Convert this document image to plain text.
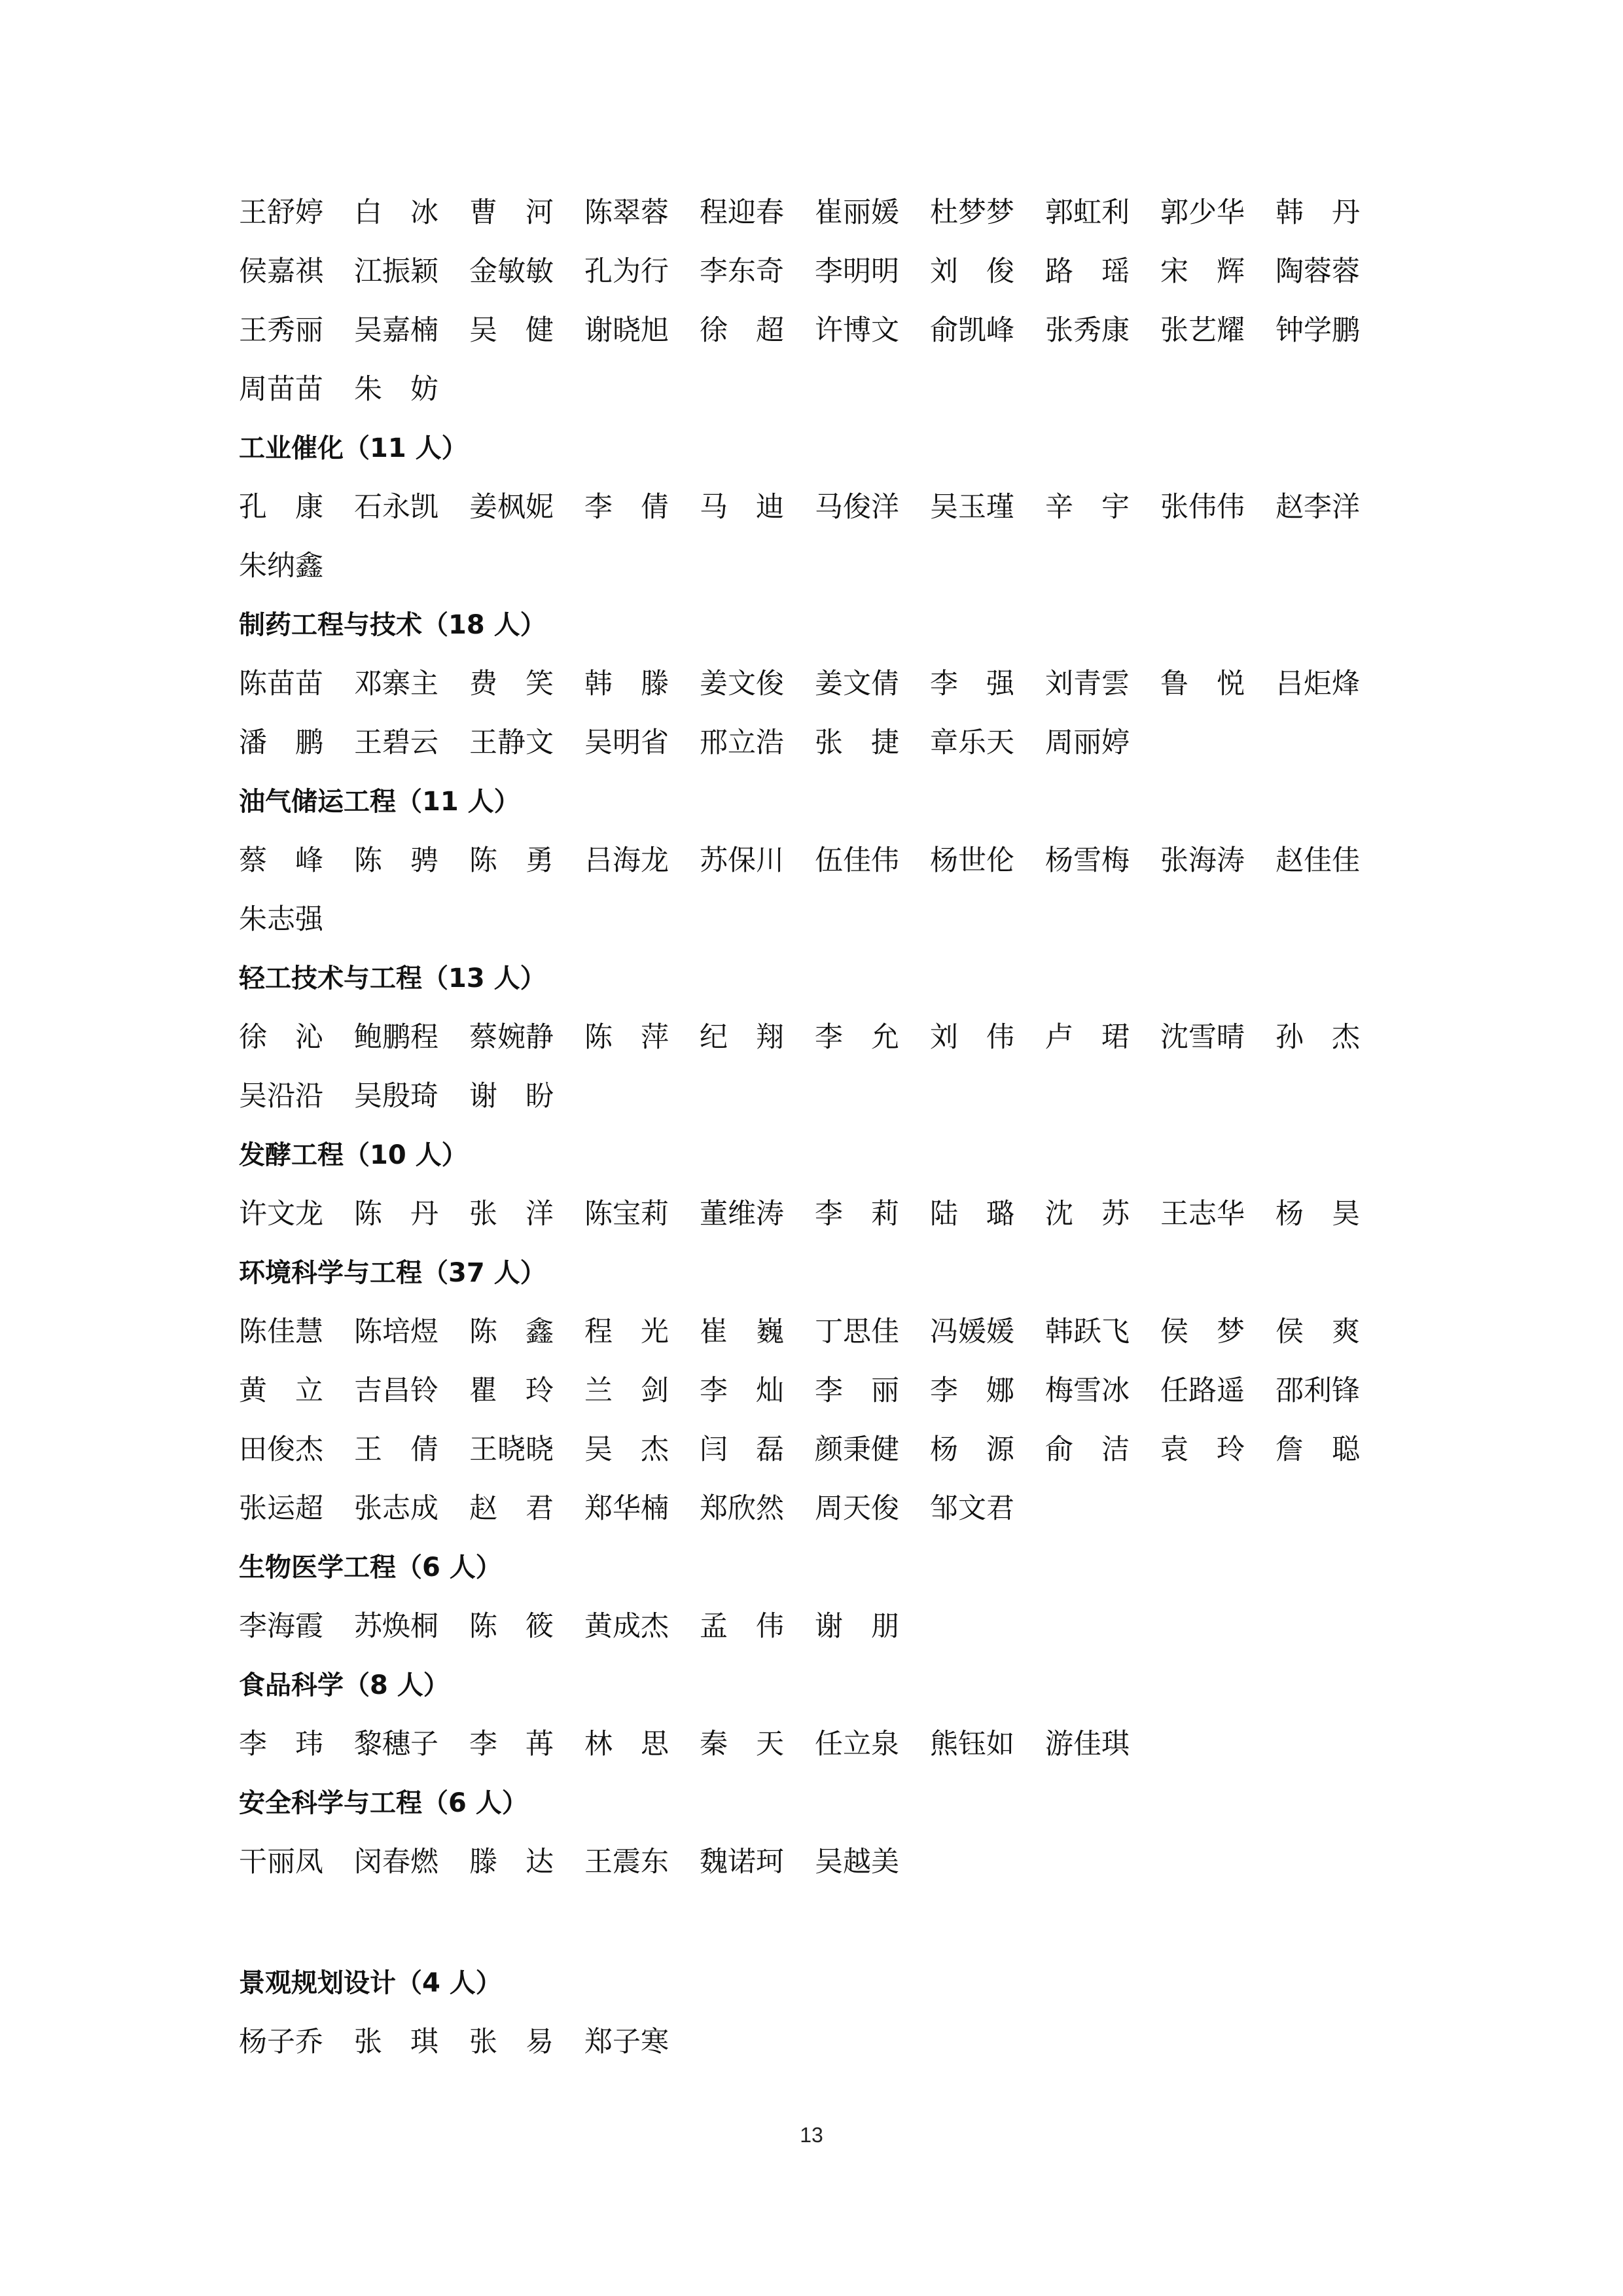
王舒婷	白　冰	曹　河	陈翠蓉	程迎春	崔丽媛	杜梦梦	郭虹利	郭少华	韩　丹
侯嘉祺	江振颖	金敏敏	孔为行	李东奇	李明明	刘　俊	路　瑶	宋　辉	陶蓉蓉
王秀丽	吴嘉楠	吴　健	谢晓旭	徐　超	许博文	俞凯峰	张秀康	张艺耀	钟学鹏
周苗苗	朱　妨
工业催化（11 人）
孔　康	石永凯	姜枫妮	李　倩	马　迪	马俊洋	吴玉瑾	辛　宇	张伟伟	赵李洋
朱纳鑫
制药工程与技术（18 人）
陈苗苗	邓寨主	费　笑	韩　滕	姜文俊	姜文倩	李　强	刘青雲	鲁　悦	吕炬烽
潘　鹏	王碧云	王静文	吴明省	邢立浩	张　捷	章乐天	周丽婷
油气储运工程（11 人）
蔡　峰	陈　骋	陈　勇	吕海龙	苏保川	伍佳伟	杨世伦	杨雪梅	张海涛	赵佳佳
朱志强
轻工技术与工程（13 人）
徐　沁	鲍鹏程	蔡婉静	陈　萍	纪　翔	李　允	刘　伟	卢　珺	沈雪晴	孙　杰
吴沿沿	吴殷琦	谢　盼
发酵工程（10 人）
许文龙	陈　丹	张　洋	陈宝莉	董维涛	李　莉	陆　璐	沈　苏	王志华	杨　昊
环境科学与工程（37 人）
陈佳慧	陈培煜	陈　鑫	程　光	崔　巍	丁思佳	冯媛媛	韩跃飞	侯　梦	侯　爽
黄　立	吉昌铃	瞿　玲	兰　剑	李　灿	李　丽	李　娜	梅雪冰	任路遥	邵利锋
田俊杰	王　倩	王晓晓	吴　杰	闫　磊	颜秉健	杨　源	俞　洁	袁　玲	詹　聪
张运超	张志成	赵　君	郑华楠	郑欣然	周天俊	邹文君
生物医学工程（6 人）
李海霞	苏焕桐	陈　筱	黄成杰	孟　伟	谢　朋
食品科学（8 人）
李　玮	黎穗子	李　苒	林　思	秦　天	任立泉	熊钰如	游佳琪
安全科学与工程（6 人）
干丽凤	闵春燃	滕　达	王震东	魏诺珂	吴越美
景观规划设计（4 人）
杨子乔	张　琪	张　易	郑子寒
13
